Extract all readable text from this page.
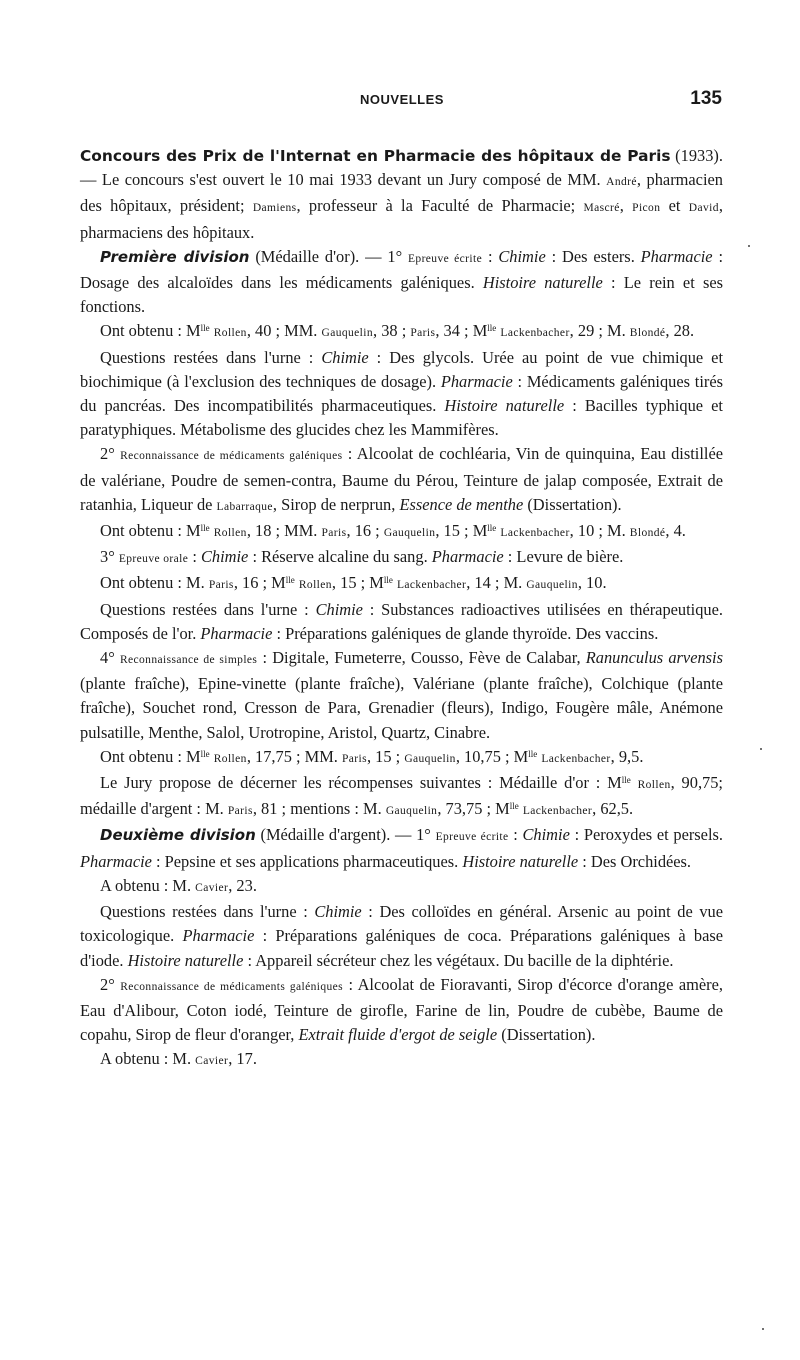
NOUVELLES	135

Concours des Prix de l'Internat en Pharmacie des hôpitaux de Paris (1933). — Le concours s'est ouvert le 10 mai 1933 devant un Jury composé de MM. André, pharmacien des hôpitaux, président; Damiens, professeur à la Faculté de Pharmacie; Mascré, Picon et David, pharmaciens des hôpitaux.

Première division (Médaille d'or). — 1° Epreuve écrite : Chimie : Des esters. Pharmacie : Dosage des alcaloïdes dans les médicaments galéniques. Histoire naturelle : Le rein et ses fonctions.

Ont obtenu : $M^{lle}$ Rollen, 40 ; MM. Gauquelin, 38 ; Paris, 34 ; $M^{lle}$ Lackenbacher, 29 ; M. Blondé, 28.

Questions restées dans l'urne : Chimie : Des glycols. Urée au point de vue chimique et biochimique (à l'exclusion des techniques de dosage). Pharmacie : Médicaments galéniques tirés du pancréas. Des incompatibilités pharmaceutiques. Histoire naturelle : Bacilles typhique et paratyphiques. Métabolisme des glucides chez les Mammifères.

2° Reconnaissance de médicaments galéniques : Alcoolat de cochléaria, Vin de quinquina, Eau distillée de valériane, Poudre de semen-contra, Baume du Pérou, Teinture de jalap composée, Extrait de ratanhia, Liqueur de Labarraque, Sirop de nerprun, Essence de menthe (Dissertation).

Ont obtenu : $M^{lle}$ Rollen, 18 ; MM. Paris, 16 ; Gauquelin, 15 ; $M^{lle}$ Lackenbacher, 10 ; M. Blondé, 4.

3° Epreuve orale : Chimie : Réserve alcaline du sang. Pharmacie : Levure de bière.

Ont obtenu : M. Paris, 16 ; $M^{lle}$ Rollen, 15 ; $M^{lle}$ Lackenbacher, 14 ; M. Gauquelin, 10.

Questions restées dans l'urne : Chimie : Substances radioactives utilisées en thérapeutique. Composés de l'or. Pharmacie : Préparations galéniques de glande thyroïde. Des vaccins.

4° Reconnaissance de simples : Digitale, Fumeterre, Cousso, Fève de Calabar, Ranunculus arvensis (plante fraîche), Epine-vinette (plante fraîche), Valériane (plante fraîche), Colchique (plante fraîche), Souchet rond, Cresson de Para, Grenadier (fleurs), Indigo, Fougère mâle, Anémone pulsatille, Menthe, Salol, Urotropine, Aristol, Quartz, Cinabre.

Ont obtenu : $M^{lle}$ Rollen, 17,75 ; MM. Paris, 15 ; Gauquelin, 10,75 ; $M^{lle}$ Lackenbacher, 9,5.

Le Jury propose de décerner les récompenses suivantes : Médaille d'or : $M^{lle}$ Rollen, 90,75; médaille d'argent : M. Paris, 81 ; mentions : M. Gauquelin, 73,75 ; $M^{lle}$ Lackenbacher, 62,5.

Deuxième division (Médaille d'argent). — 1° Epreuve écrite : Chimie : Peroxydes et persels. Pharmacie : Pepsine et ses applications pharmaceutiques. Histoire naturelle : Des Orchidées.

A obtenu : M. Cavier, 23.

Questions restées dans l'urne : Chimie : Des colloïdes en général. Arsenic au point de vue toxicologique. Pharmacie : Préparations galéniques de coca. Préparations galéniques à base d'iode. Histoire naturelle : Appareil sécréteur chez les végétaux. Du bacille de la diphtérie.

2° Reconnaissance de médicaments galéniques : Alcoolat de Fioravanti, Sirop d'écorce d'orange amère, Eau d'Alibour, Coton iodé, Teinture de girofle, Farine de lin, Poudre de cubèbe, Baume de copahu, Sirop de fleur d'oranger, Extrait fluide d'ergot de seigle (Dissertation).

A obtenu : M. Cavier, 17.
